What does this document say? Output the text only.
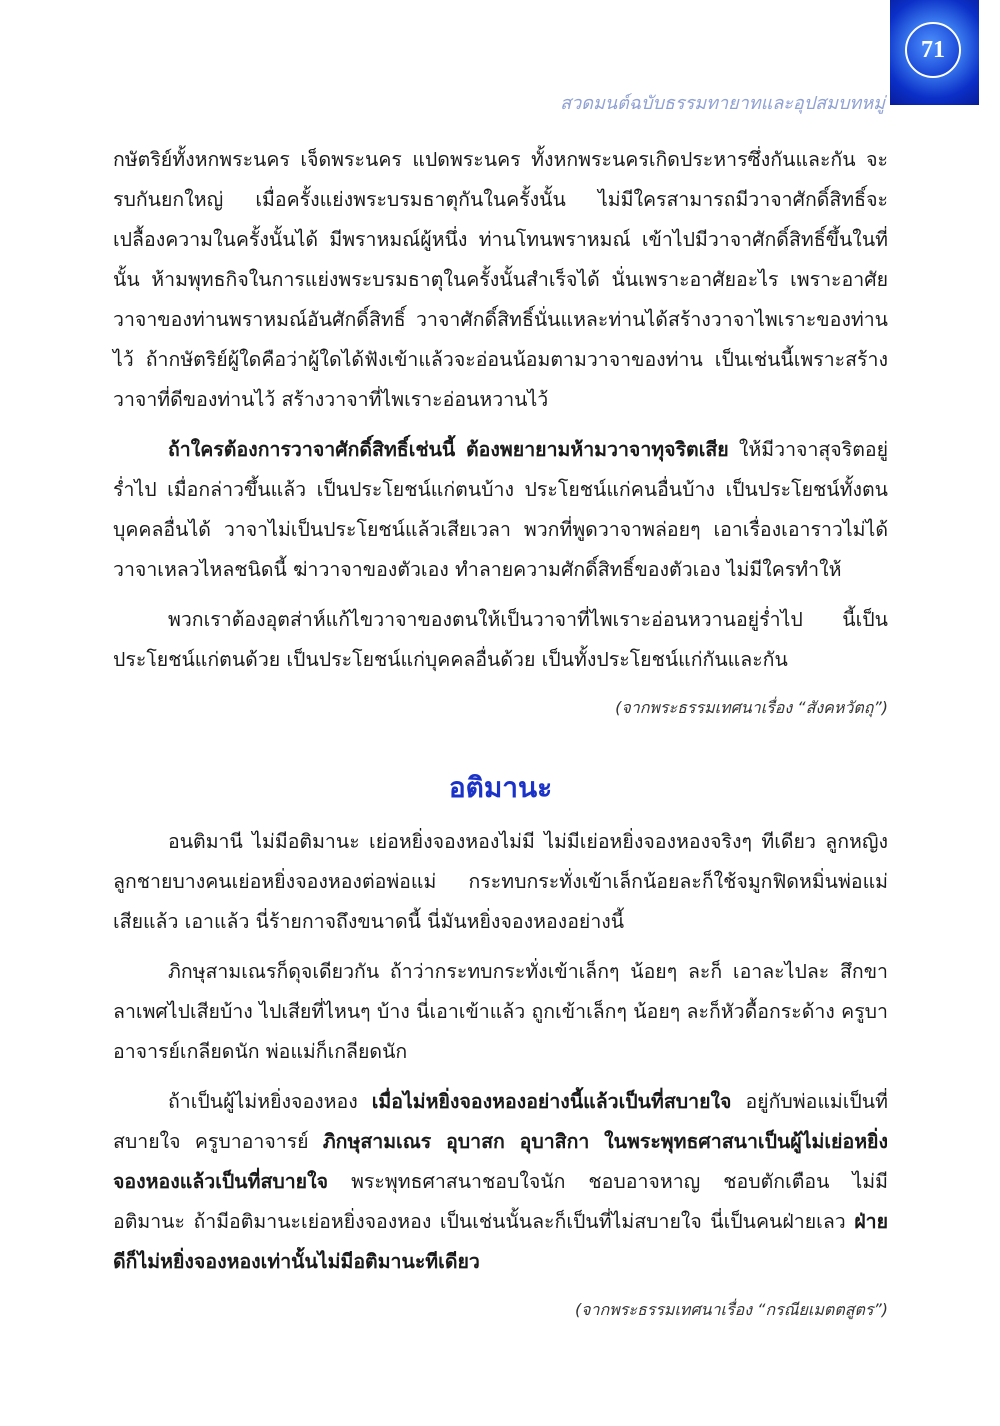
71

สวดมนต์ฉบับธรรมทายาทและอุปสมบทหมู่

กษัตริย์ทั้งหกพระนคร เจ็ดพระนคร แปดพระนคร ทั้งหกพระนครเกิดประหารซึ่งกันและกัน จะรบกันยกใหญ่ เมื่อครั้งแย่งพระบรมธาตุกันในครั้งนั้น ไม่มีใครสามารถมีวาจาศักดิ์สิทธิ์จะเปลื้องความในครั้งนั้นได้ มีพราหมณ์ผู้หนึ่ง ท่านโทนพราหมณ์ เข้าไปมีวาจาศักดิ์สิทธิ์ขึ้นในที่นั้น ห้ามพุทธกิจในการแย่งพระบรมธาตุในครั้งนั้นสำเร็จได้ นั่นเพราะอาศัยอะไร เพราะอาศัยวาจาของท่านพราหมณ์อันศักดิ์สิทธิ์ วาจาศักดิ์สิทธิ์นั่นแหละท่านได้สร้างวาจาไพเราะของท่านไว้ ถ้ากษัตริย์ผู้ใดคือว่าผู้ใดได้ฟังเข้าแล้วจะอ่อนน้อมตามวาจาของท่าน เป็นเช่นนี้เพราะสร้างวาจาที่ดีของท่านไว้ สร้างวาจาที่ไพเราะอ่อนหวานไว้

ถ้าใครต้องการวาจาศักดิ์สิทธิ์เช่นนี้ ต้องพยายามห้ามวาจาทุจริตเสีย ให้มีวาจาสุจริตอยู่ร่ำไป เมื่อกล่าวขึ้นแล้ว เป็นประโยชน์แก่ตนบ้าง ประโยชน์แก่คนอื่นบ้าง เป็นประโยชน์ทั้งตนบุคคลอื่นได้ วาจาไม่เป็นประโยชน์แล้วเสียเวลา พวกที่พูดวาจาพล่อยๆ เอาเรื่องเอาราวไม่ได้ วาจาเหลวไหลชนิดนี้ ฆ่าวาจาของตัวเอง ทำลายความศักดิ์สิทธิ์ของตัวเอง ไม่มีใครทำให้

พวกเราต้องอุตส่าห์แก้ไขวาจาของตนให้เป็นวาจาที่ไพเราะอ่อนหวานอยู่ร่ำไป นี้เป็นประโยชน์แก่ตนด้วย เป็นประโยชน์แก่บุคคลอื่นด้วย เป็นทั้งประโยชน์แก่กันและกัน

(จากพระธรรมเทศนาเรื่อง “สังคหวัตถุ”)
อติมานะ

อนติมานี ไม่มีอติมานะ เย่อหยิ่งจองหองไม่มี ไม่มีเย่อหยิ่งจองหองจริงๆ ทีเดียว ลูกหญิงลูกชายบางคนเย่อหยิ่งจองหองต่อพ่อแม่ กระทบกระทั่งเข้าเล็กน้อยละก็ใช้จมูกฟิดหมิ่นพ่อแม่เสียแล้ว เอาแล้ว นี่ร้ายกาจถึงขนาดนี้ นี่มันหยิ่งจองหองอย่างนี้

ภิกษุสามเณรก็ดุจเดียวกัน ถ้าว่ากระทบกระทั่งเข้าเล็กๆ น้อยๆ ละก็ เอาละไปละ สึกขาลาเพศไปเสียบ้าง ไปเสียที่ไหนๆ บ้าง นี่เอาเข้าแล้ว ถูกเข้าเล็กๆ น้อยๆ ละก็หัวดื้อกระด้าง ครูบาอาจารย์เกลียดนัก พ่อแม่ก็เกลียดนัก

ถ้าเป็นผู้ไม่หยิ่งจองหอง เมื่อไม่หยิ่งจองหองอย่างนี้แล้วเป็นที่สบายใจ อยู่กับพ่อแม่เป็นที่สบายใจ ครูบาอาจารย์ ภิกษุสามเณร อุบาสก อุบาสิกา ในพระพุทธศาสนาเป็นผู้ไม่เย่อหยิ่งจองหองแล้วเป็นที่สบายใจ พระพุทธศาสนาชอบใจนัก ชอบอาจหาญ ชอบตักเตือน ไม่มีอติมานะ ถ้ามีอติมานะเย่อหยิ่งจองหอง เป็นเช่นนั้นละก็เป็นที่ไม่สบายใจ นี่เป็นคนฝ่ายเลว ฝ่ายดีก็ไม่หยิ่งจองหองเท่านั้นไม่มีอติมานะทีเดียว

(จากพระธรรมเทศนาเรื่อง “กรณียเมตตสูตร”)
